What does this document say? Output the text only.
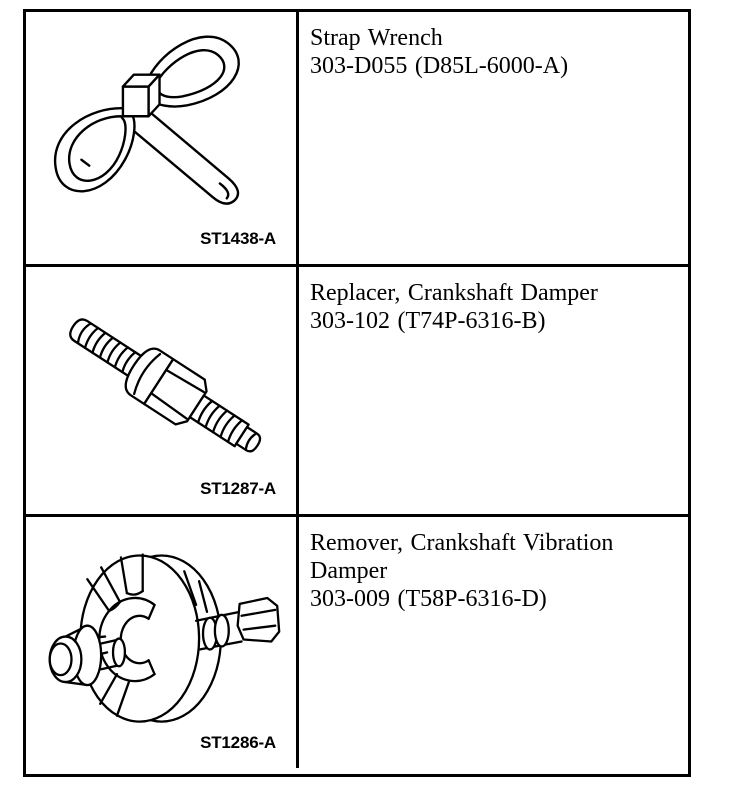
ST1438-A
Strap Wrench
303-D055 (D85L-6000-A)
ST1287-A
Replacer, Crankshaft Damper
303-102 (T74P-6316-B)
ST1286-A
Remover, Crankshaft Vibration Damper
303-009 (T58P-6316-D)
